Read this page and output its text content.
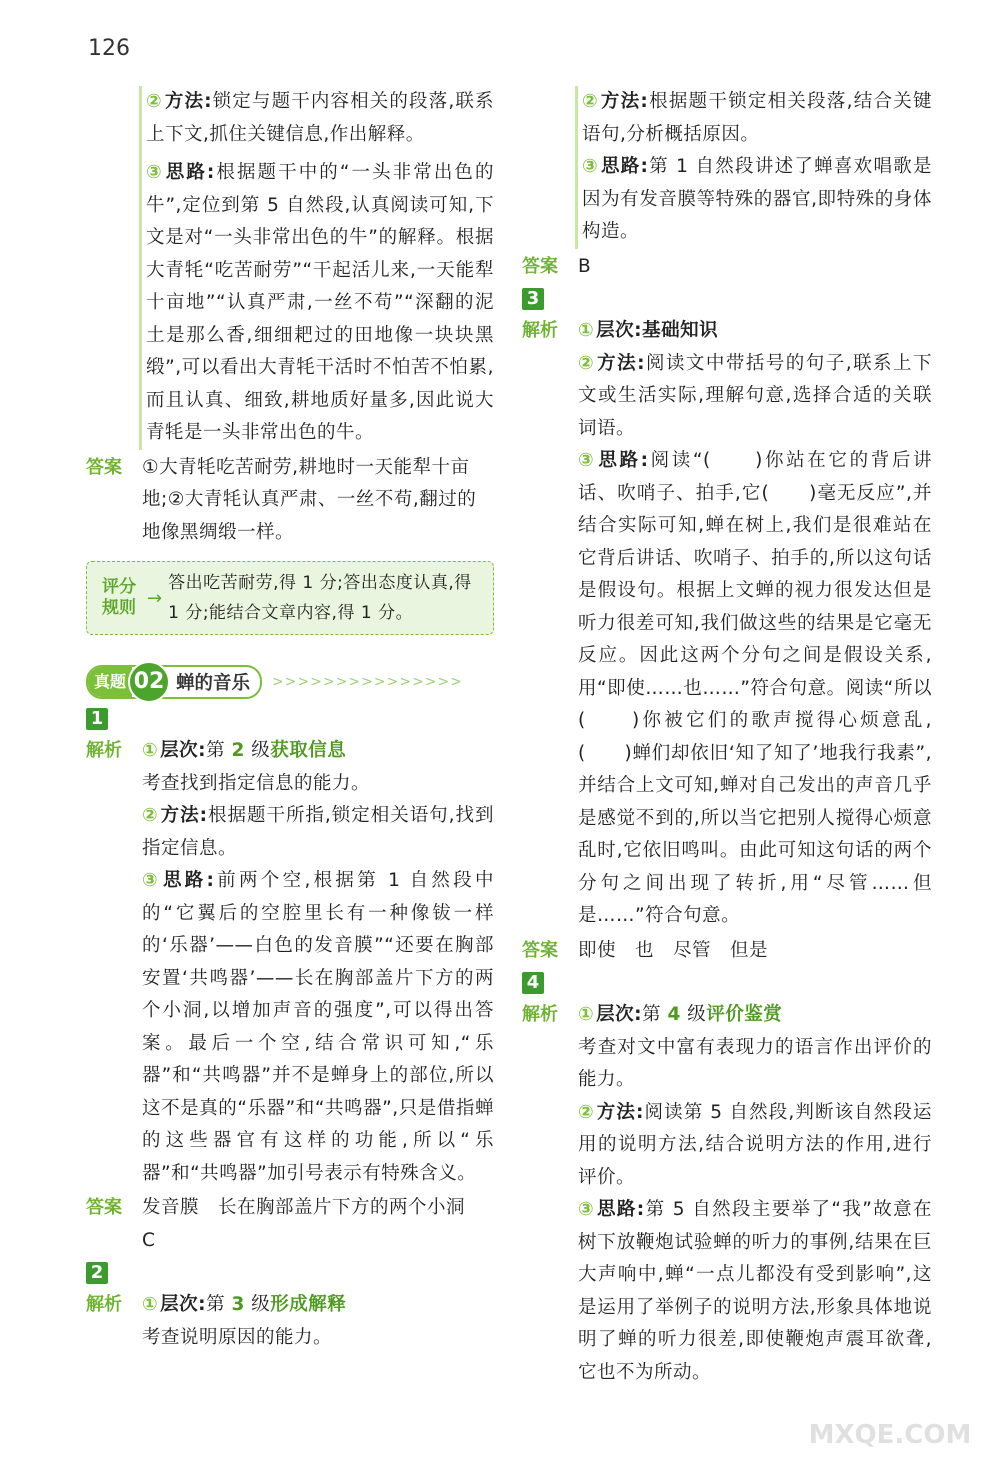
126

② 方法:锁定与题干内容相关的段落,联系上下文,抓住关键信息,作出解释。

③ 思路:根据题干中的“一头非常出色的牛”,定位到第 5 自然段,认真阅读可知,下文是对“一头非常出色的牛”的解释。根据大青牦“吃苦耐劳”“干起活儿来,一天能犁十亩地”“认真严肃,一丝不苟”“深翻的泥土是那么香,细细耙过的田地像一块块黑缎”,可以看出大青牦干活时不怕苦不怕累,而且认真、细致,耕地质好量多,因此说大青牦是一头非常出色的牛。

答案	①大青牦吃苦耐劳,耕地时一天能犁十亩地;②大青牦认真严肃、一丝不苟,翻过的地像黑绸缎一样。
评分
规则 →
答出吃苦耐劳,得 1 分;答出态度认真,得 1 分;能结合文章内容,得 1 分。
真题 02 蝉的音乐 >>>>>>>>>>>>>>>
1
解析	① 层次:第 2 级获取信息
考查找到指定信息的能力。

② 方法:根据题干所指,锁定相关语句,找到指定信息。

③ 思路:前两个空,根据第 1 自然段中的“它翼后的空腔里长有一种像钹一样的‘乐器’——白色的发音膜”“还要在胸部安置‘共鸣器’——长在胸部盖片下方的两个小洞,以增加声音的强度”,可以得出答案。最后一个空,结合常识可知,“乐器”和“共鸣器”并不是蝉身上的部位,所以这不是真的“乐器”和“共鸣器”,只是借指蝉的这些器官有这样的功能,所以“乐器”和“共鸣器”加引号表示有特殊含义。

答案	发音膜　长在胸部盖片下方的两个小洞　C
2
解析	① 层次:第 3 级形成解释
考查说明原因的能力。

② 方法:根据题干锁定相关段落,结合关键语句,分析概括原因。

③ 思路:第 1 自然段讲述了蝉喜欢唱歌是因为有发音膜等特殊的器官,即特殊的身体构造。

答案	B
3
解析	① 层次:基础知识

② 方法:阅读文中带括号的句子,联系上下文或生活实际,理解句意,选择合适的关联词语。

③ 思路:阅读“(　　)你站在它的背后讲话、吹哨子、拍手,它(　　)毫无反应”,并结合实际可知,蝉在树上,我们是很难站在它背后讲话、吹哨子、拍手的,所以这句话是假设句。根据上文蝉的视力很发达但是听力很差可知,我们做这些的结果是它毫无反应。因此这两个分句之间是假设关系,用“即使……也……”符合句意。阅读“所以(　　)你被它们的歌声搅得心烦意乱,(　　)蝉们却依旧‘知了知了’地我行我素”,并结合上文可知,蝉对自己发出的声音几乎是感觉不到的,所以当它把别人搅得心烦意乱时,它依旧鸣叫。由此可知这句话的两个分句之间出现了转折,用“尽管……但是……”符合句意。

答案	即使　也　尽管　但是
4
解析	① 层次:第 4 级评价鉴赏

考查对文中富有表现力的语言作出评价的能力。

② 方法:阅读第 5 自然段,判断该自然段运用的说明方法,结合说明方法的作用,进行评价。

③ 思路:第 5 自然段主要举了“我”故意在树下放鞭炮试验蝉的听力的事例,结果在巨大声响中,蝉“一点儿都没有受到影响”,这是运用了举例子的说明方法,形象具体地说明了蝉的听力很差,即使鞭炮声震耳欲聋,它也不为所动。

MXQE.COM
